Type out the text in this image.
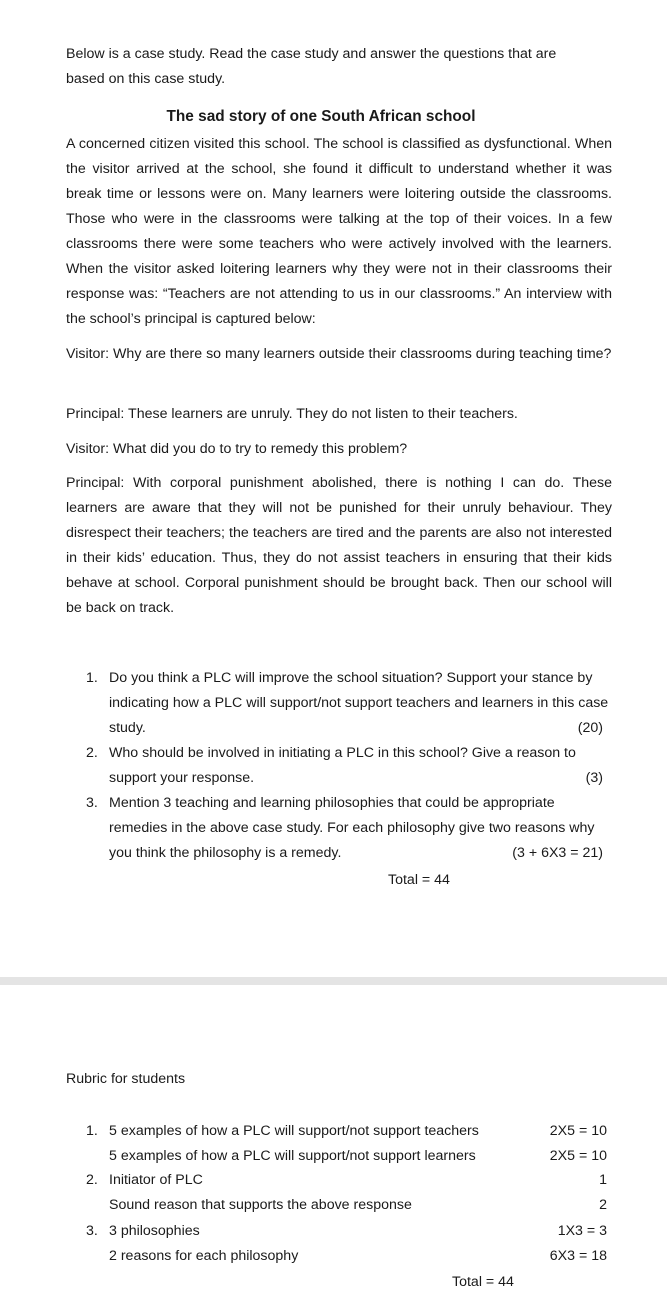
Below is a case study. Read the case study and answer the questions that are based on this case study.
The sad story of one South African school
A concerned citizen visited this school. The school is classified as dysfunctional. When the visitor arrived at the school, she found it difficult to understand whether it was break time or lessons were on. Many learners were loitering outside the classrooms. Those who were in the classrooms were talking at the top of their voices. In a few classrooms there were some teachers who were actively involved with the learners. When the visitor asked loitering learners why they were not in their classrooms their response was: “Teachers are not attending to us in our classrooms.” An interview with the school’s principal is captured below:
Visitor: Why are there so many learners outside their classrooms during teaching time?
Principal: These learners are unruly. They do not listen to their teachers.
Visitor: What did you do to try to remedy this problem?
Principal: With corporal punishment abolished, there is nothing I can do. These learners are aware that they will not be punished for their unruly behaviour. They disrespect their teachers; the teachers are tired and the parents are also not interested in their kids’ education. Thus, they do not assist teachers in ensuring that their kids behave at school. Corporal punishment should be brought back. Then our school will be back on track.
1. Do you think a PLC will improve the school situation? Support your stance by indicating how a PLC will support/not support teachers and learners in this case study.	(20)
2. Who should be involved in initiating a PLC in this school? Give a reason to support your response.	(3)
3. Mention 3 teaching and learning philosophies that could be appropriate remedies in the above case study. For each philosophy give two reasons why you think the philosophy is a remedy.	(3 + 6X3 = 21)
Total = 44
Rubric for students
1. 5 examples of how a PLC will support/not support teachers	2X5 = 10
5 examples of how a PLC will support/not support learners	2X5 = 10
2. Initiator of PLC	1
Sound reason that supports the above response	2
3. 3 philosophies	1X3 = 3
2 reasons for each philosophy	6X3 = 18
Total = 44
